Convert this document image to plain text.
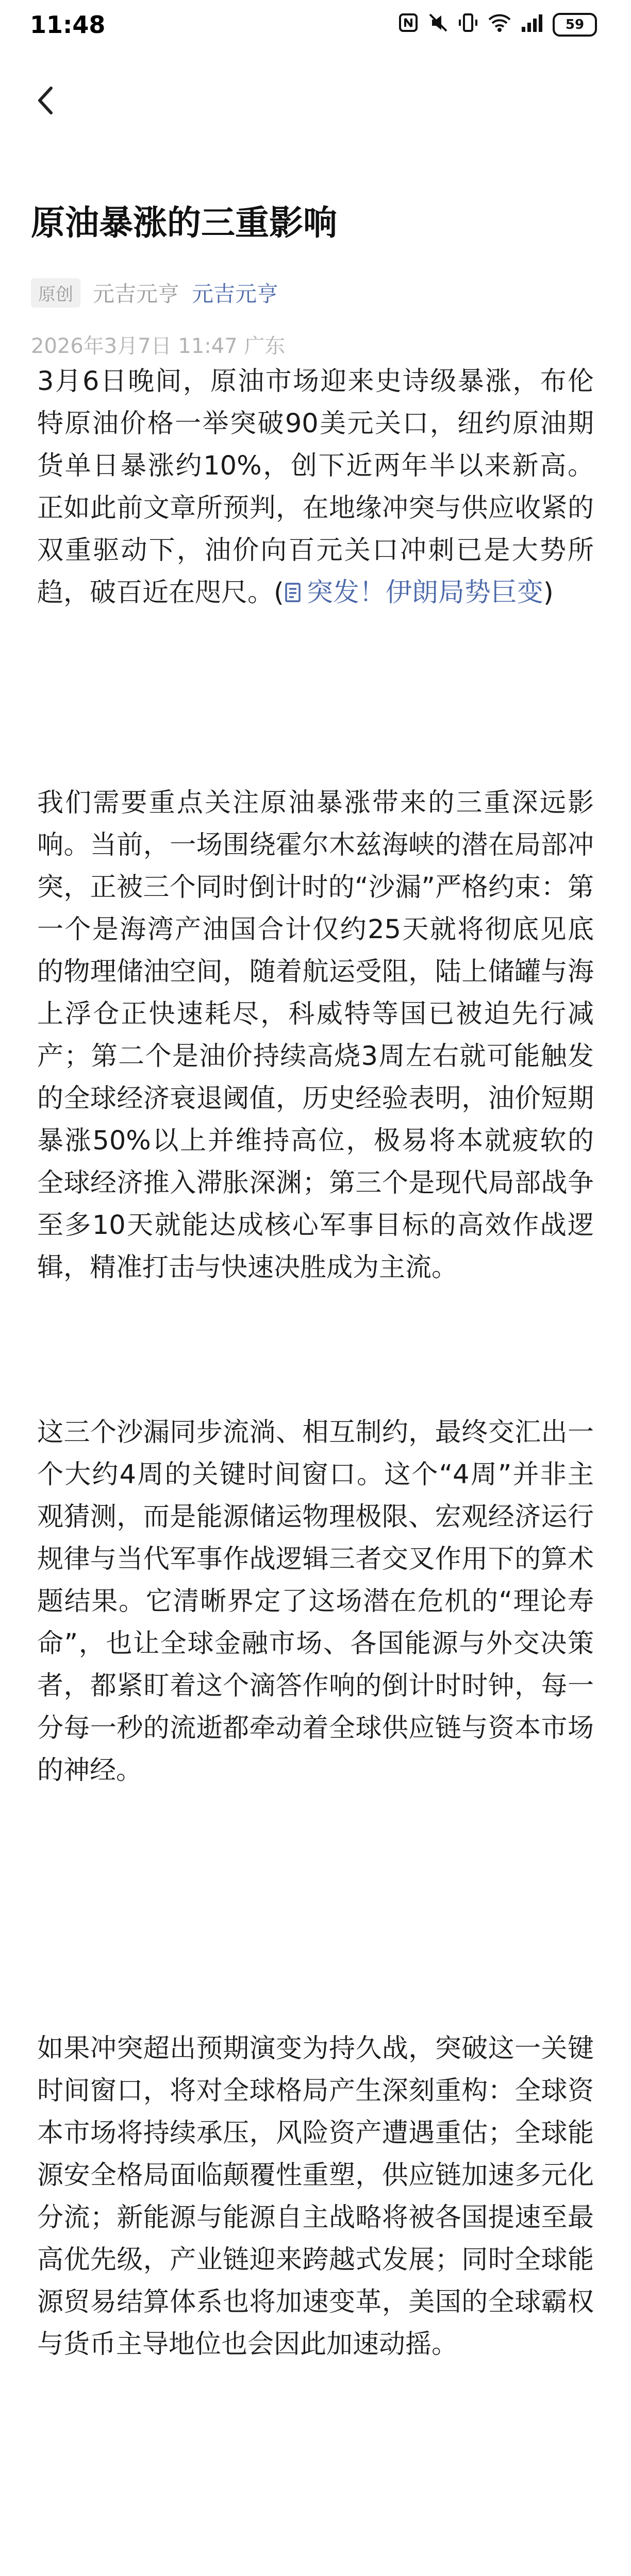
11:48	59
原油暴涨的三重影响
原创 元吉元亨 元吉元亨
2026年3月7日 11:47 广东

3月6日晚间，原油市场迎来史诗级暴涨，布伦特原油价格一举突破90美元关口，纽约原油期货单日暴涨约10%，创下近两年半以来新高。正如此前文章所预判，在地缘冲突与供应收紧的双重驱动下，油价向百元关口冲刺已是大势所趋，破百近在咫尺。( 突发！伊朗局势巨变)

我们需要重点关注原油暴涨带来的三重深远影响。当前，一场围绕霍尔木兹海峡的潜在局部冲突，正被三个同时倒计时的“沙漏”严格约束：第一个是海湾产油国合计仅约25天就将彻底见底的物理储油空间，随着航运受阻，陆上储罐与海上浮仓正快速耗尽，科威特等国已被迫先行减产；第二个是油价持续高烧3周左右就可能触发的全球经济衰退阈值，历史经验表明，油价短期暴涨50%以上并维持高位，极易将本就疲软的全球经济推入滞胀深渊；第三个是现代局部战争至多10天就能达成核心军事目标的高效作战逻辑，精准打击与快速决胜成为主流。

这三个沙漏同步流淌、相互制约，最终交汇出一个大约4周的关键时间窗口。这个“4周”并非主观猜测，而是能源储运物理极限、宏观经济运行规律与当代军事作战逻辑三者交叉作用下的算术题结果。它清晰界定了这场潜在危机的“理论寿命”，也让全球金融市场、各国能源与外交决策者，都紧盯着这个滴答作响的倒计时时钟，每一分每一秒的流逝都牵动着全球供应链与资本市场的神经。

如果冲突超出预期演变为持久战，突破这一关键时间窗口，将对全球格局产生深刻重构：全球资本市场将持续承压，风险资产遭遇重估；全球能源安全格局面临颠覆性重塑，供应链加速多元化分流；新能源与能源自主战略将被各国提速至最高优先级，产业链迎来跨越式发展；同时全球能源贸易结算体系也将加速变革，美国的全球霸权与货币主导地位也会因此加速动摇。
